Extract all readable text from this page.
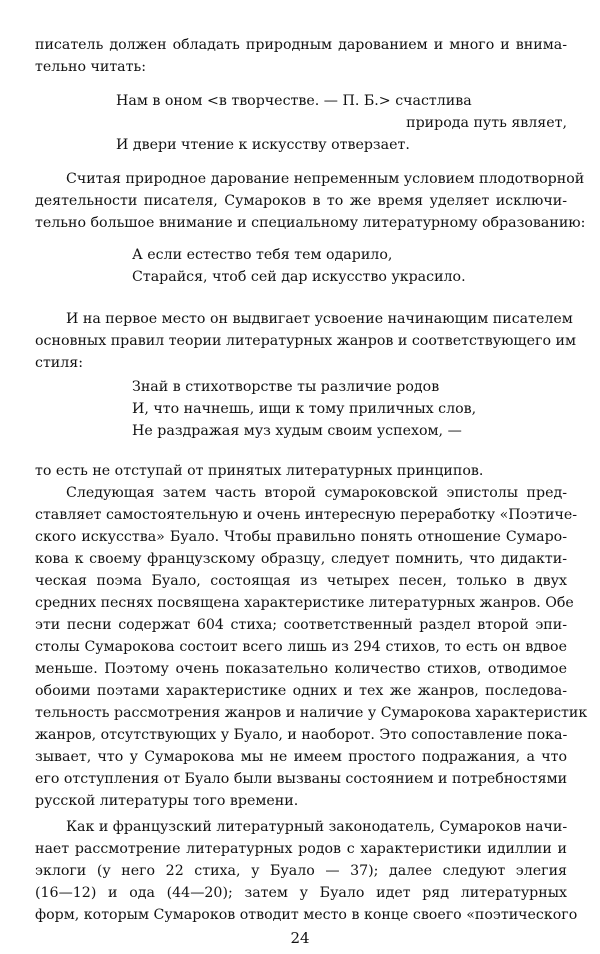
писатель должен обладать природным дарованием и много и внима-
тельно читать:
Нам в оном <в творчестве. — П. Б.> счастлива
природа путь являет,
И двери чтение к искусству отверзает.
Считая природное дарование непременным условием плодотворной
деятельности писателя, Сумароков в то же время уделяет исключи-
тельно большое внимание и специальному литературному образованию:
А если естество тебя тем одарило,
Старайся, чтоб сей дар искусство украсило.
И на первое место он выдвигает усвоение начинающим писателем
основных правил теории литературных жанров и соответствующего им
стиля:
Знай в стихотворстве ты различие родов
И, что начнешь, ищи к тому приличных слов,
Не раздражая муз худым своим успехом, —
то есть не отступай от принятых литературных принципов.
Следующая затем часть второй сумароковской эпистолы пред-
ставляет самостоятельную и очень интересную переработку «Поэтиче-
ского искусства» Буало. Чтобы правильно понять отношение Сумаро-
кова к своему французскому образцу, следует помнить, что дидакти-
ческая поэма Буало, состоящая из четырех песен, только в двух
средних песнях посвящена характеристике литературных жанров. Обе
эти песни содержат 604 стиха; соответственный раздел второй эпи-
столы Сумарокова состоит всего лишь из 294 стихов, то есть он вдвое
меньше. Поэтому очень показательно количество стихов, отводимое
обоими поэтами характеристике одних и тех же жанров, последова-
тельность рассмотрения жанров и наличие у Сумарокова характеристик
жанров, отсутствующих у Буало, и наоборот. Это сопоставление пока-
зывает, что у Сумарокова мы не имеем простого подражания, а что
его отступления от Буало были вызваны состоянием и потребностями
русской литературы того времени.
Как и французский литературный законодатель, Сумароков начи-
нает рассмотрение литературных родов с характеристики идиллии и
эклоги (у него 22 стиха, у Буало — 37); далее следуют элегия
(16—12) и ода (44—20); затем у Буало идет ряд литературных
форм, которым Сумароков отводит место в конце своего «поэтического
24
